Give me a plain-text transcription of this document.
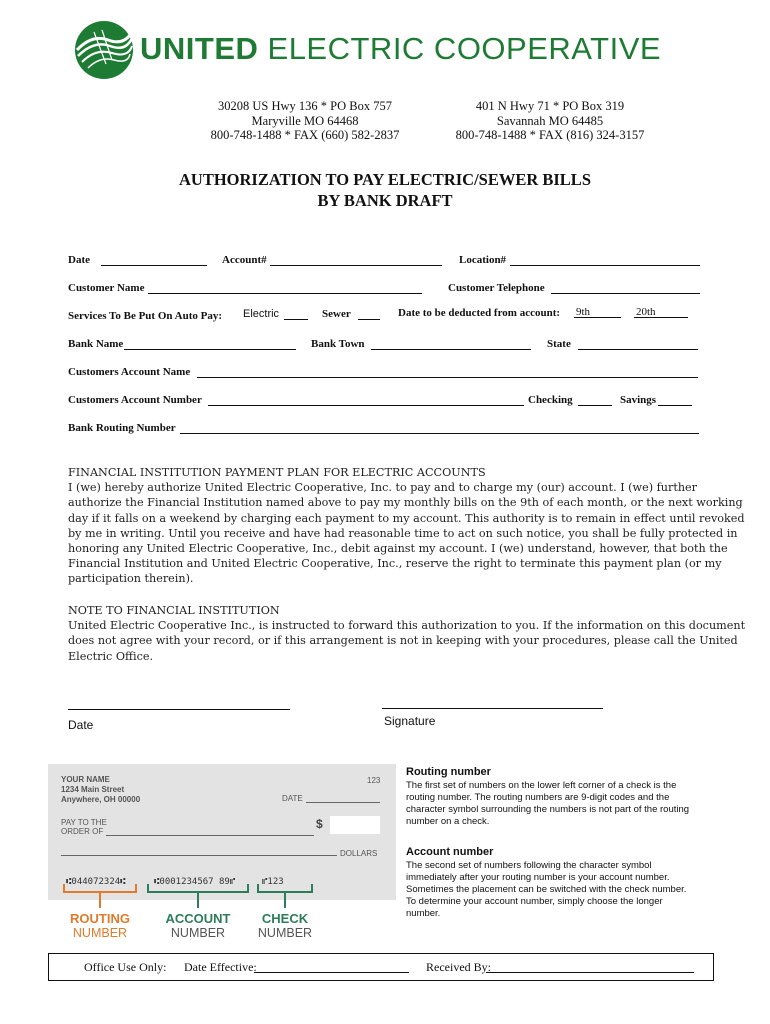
UNITED ELECTRIC COOPERATIVE
30208 US Hwy 136 * PO Box 757
Maryville MO 64468
800-748-1488 * FAX (660) 582-2837
401 N Hwy 71 * PO Box 319
Savannah MO 64485
800-748-1488 * FAX (816) 324-3157
AUTHORIZATION TO PAY ELECTRIC/SEWER BILLS
BY BANK DRAFT
Date	Account#	Location#
Customer Name	Customer Telephone
Services To Be Put On Auto Pay: Electric	Sewer	Date to be deducted from account: 9th	20th
Bank Name	Bank Town	State
Customers Account Name
Customers Account Number	Checking	Savings
Bank Routing Number
FINANCIAL INSTITUTION PAYMENT PLAN FOR ELECTRIC ACCOUNTS
I (we) hereby authorize United Electric Cooperative, Inc. to pay and to charge my (our) account. I (we) further
authorize the Financial Institution named above to pay my monthly bills on the 9th of each month, or the next working
day if it falls on a weekend by charging each payment to my account. This authority is to remain in effect until revoked
by me in writing. Until you receive and have had reasonable time to act on such notice, you shall be fully protected in
honoring any United Electric Cooperative, Inc., debit against my account. I (we) understand, however, that both the
Financial Institution and United Electric Cooperative, Inc., reserve the right to terminate this payment plan (or my
participation therein).
NOTE TO FINANCIAL INSTITUTION
United Electric Cooperative Inc., is instructed to forward this authorization to you. If the information on this document
does not agree with your record, or if this arrangement is not in keeping with your procedures, please call the United
Electric Office.
Date	Signature
YOUR NAME
1234 Main Street
Anywhere, OH 00000
123
DATE
PAY TO THE
ORDER OF
$
DOLLARS
⑆044072324⑆	⑆0001234567 89⑈	⑈123
ROUTING
NUMBER
ACCOUNT
NUMBER
CHECK
NUMBER
Routing number
The first set of numbers on the lower left corner of a check is the
routing number. The routing numbers are 9-digit codes and the
character symbol surrounding the numbers is not part of the routing
number on a check.
Account number
The second set of numbers following the character symbol
immediately after your routing number is your account number.
Sometimes the placement can be switched with the check number.
To determine your account number, simply choose the longer
number.
Office Use Only: Date Effective:	Received By:
